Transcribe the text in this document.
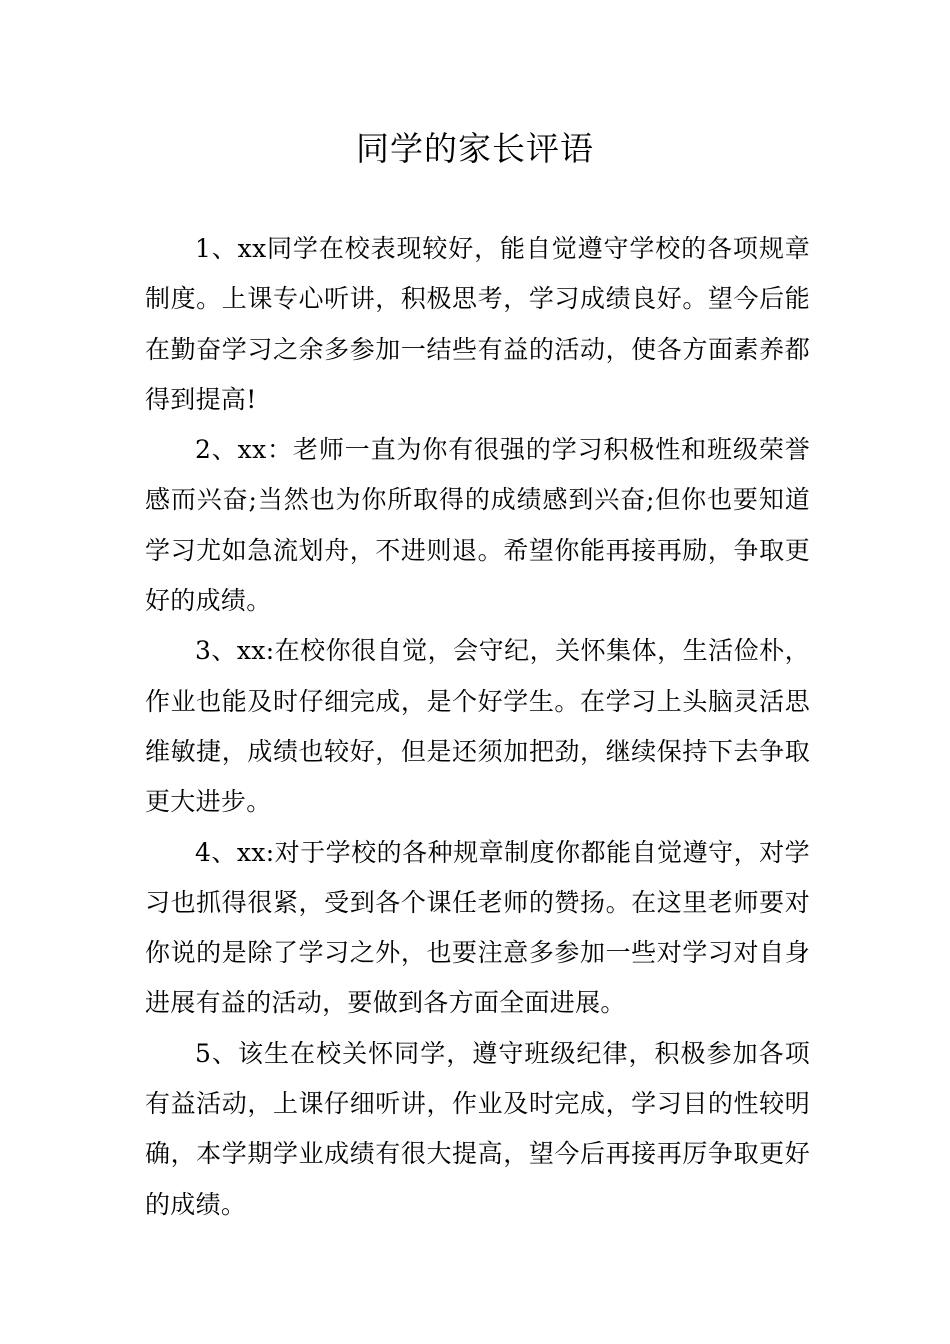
同学的家长评语

1、xx同学在校表现较好，能自觉遵守学校的各项规章制度。上课专心听讲，积极思考，学习成绩良好。望今后能在勤奋学习之余多参加一结些有益的活动，使各方面素养都得到提高!

2、xx：老师一直为你有很强的学习积极性和班级荣誉感而兴奋;当然也为你所取得的成绩感到兴奋;但你也要知道学习尤如急流划舟，不进则退。希望你能再接再励，争取更好的成绩。

3、xx:在校你很自觉，会守纪，关怀集体，生活俭朴，作业也能及时仔细完成，是个好学生。在学习上头脑灵活思维敏捷，成绩也较好，但是还须加把劲，继续保持下去争取更大进步。

4、xx:对于学校的各种规章制度你都能自觉遵守，对学习也抓得很紧，受到各个课任老师的赞扬。在这里老师要对你说的是除了学习之外，也要注意多参加一些对学习对自身进展有益的活动，要做到各方面全面进展。

5、该生在校关怀同学，遵守班级纪律，积极参加各项有益活动，上课仔细听讲，作业及时完成，学习目的性较明确，本学期学业成绩有很大提高，望今后再接再厉争取更好的成绩。
